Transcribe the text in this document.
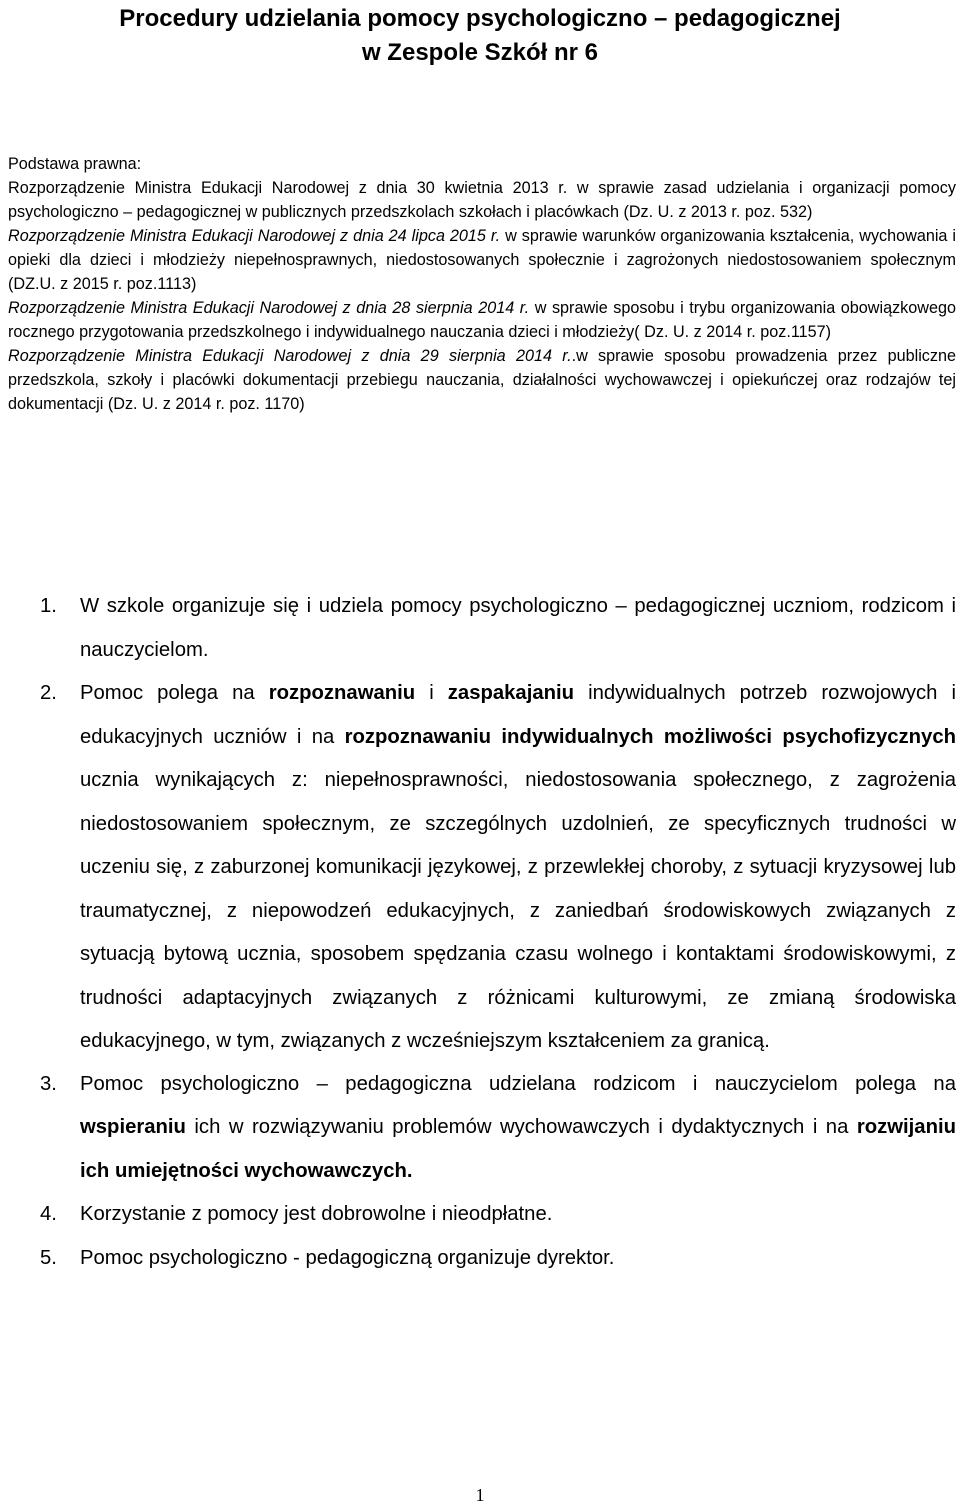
Procedury udzielania pomocy psychologiczno – pedagogicznej
w Zespole Szkół nr 6

Podstawa prawna:

Rozporządzenie Ministra Edukacji Narodowej z dnia 30 kwietnia 2013 r. w sprawie zasad udzielania i organizacji pomocy psychologiczno – pedagogicznej w publicznych przedszkolach szkołach i placówkach (Dz. U. z 2013 r. poz. 532)

Rozporządzenie Ministra Edukacji Narodowej z dnia 24 lipca 2015 r. w sprawie warunków organizowania kształcenia, wychowania i opieki dla dzieci i młodzieży niepełnosprawnych, niedostosowanych społecznie i zagrożonych niedostosowaniem społecznym (DZ.U. z 2015 r. poz.1113)

Rozporządzenie Ministra Edukacji Narodowej z dnia 28 sierpnia 2014 r. w sprawie sposobu i trybu organizowania obowiązkowego rocznego przygotowania przedszkolnego i indywidualnego nauczania dzieci i młodzieży( Dz. U. z 2014 r. poz.1157)

Rozporządzenie Ministra Edukacji Narodowej z dnia 29 sierpnia 2014 r..w sprawie sposobu prowadzenia przez publiczne przedszkola, szkoły i placówki dokumentacji przebiegu nauczania, działalności wychowawczej i opiekuńczej oraz rodzajów tej dokumentacji (Dz. U. z 2014 r. poz. 1170)

1. W szkole organizuje się i udziela pomocy psychologiczno – pedagogicznej uczniom, rodzicom i nauczycielom.
2. Pomoc polega na rozpoznawaniu i zaspakajaniu indywidualnych potrzeb rozwojowych i edukacyjnych uczniów i na rozpoznawaniu indywidualnych możliwości psychofizycznych ucznia wynikających z: niepełnosprawności, niedostosowania społecznego, z zagrożenia niedostosowaniem społecznym, ze szczególnych uzdolnień, ze specyficznych trudności w uczeniu się, z zaburzonej komunikacji językowej, z przewlekłej choroby, z sytuacji kryzysowej lub traumatycznej, z niepowodzeń edukacyjnych, z zaniedbań środowiskowych związanych z sytuacją bytową ucznia, sposobem spędzania czasu wolnego i kontaktami środowiskowymi, z trudności adaptacyjnych związanych z różnicami kulturowymi, ze zmianą środowiska edukacyjnego, w tym, związanych z wcześniejszym kształceniem za granicą.
3. Pomoc psychologiczno – pedagogiczna udzielana rodzicom i nauczycielom polega na wspieraniu ich w rozwiązywaniu problemów wychowawczych i dydaktycznych i na rozwijaniu ich umiejętności wychowawczych.
4. Korzystanie z pomocy jest dobrowolne i nieodpłatne.
5. Pomoc psychologiczno - pedagogiczną organizuje dyrektor.
1
